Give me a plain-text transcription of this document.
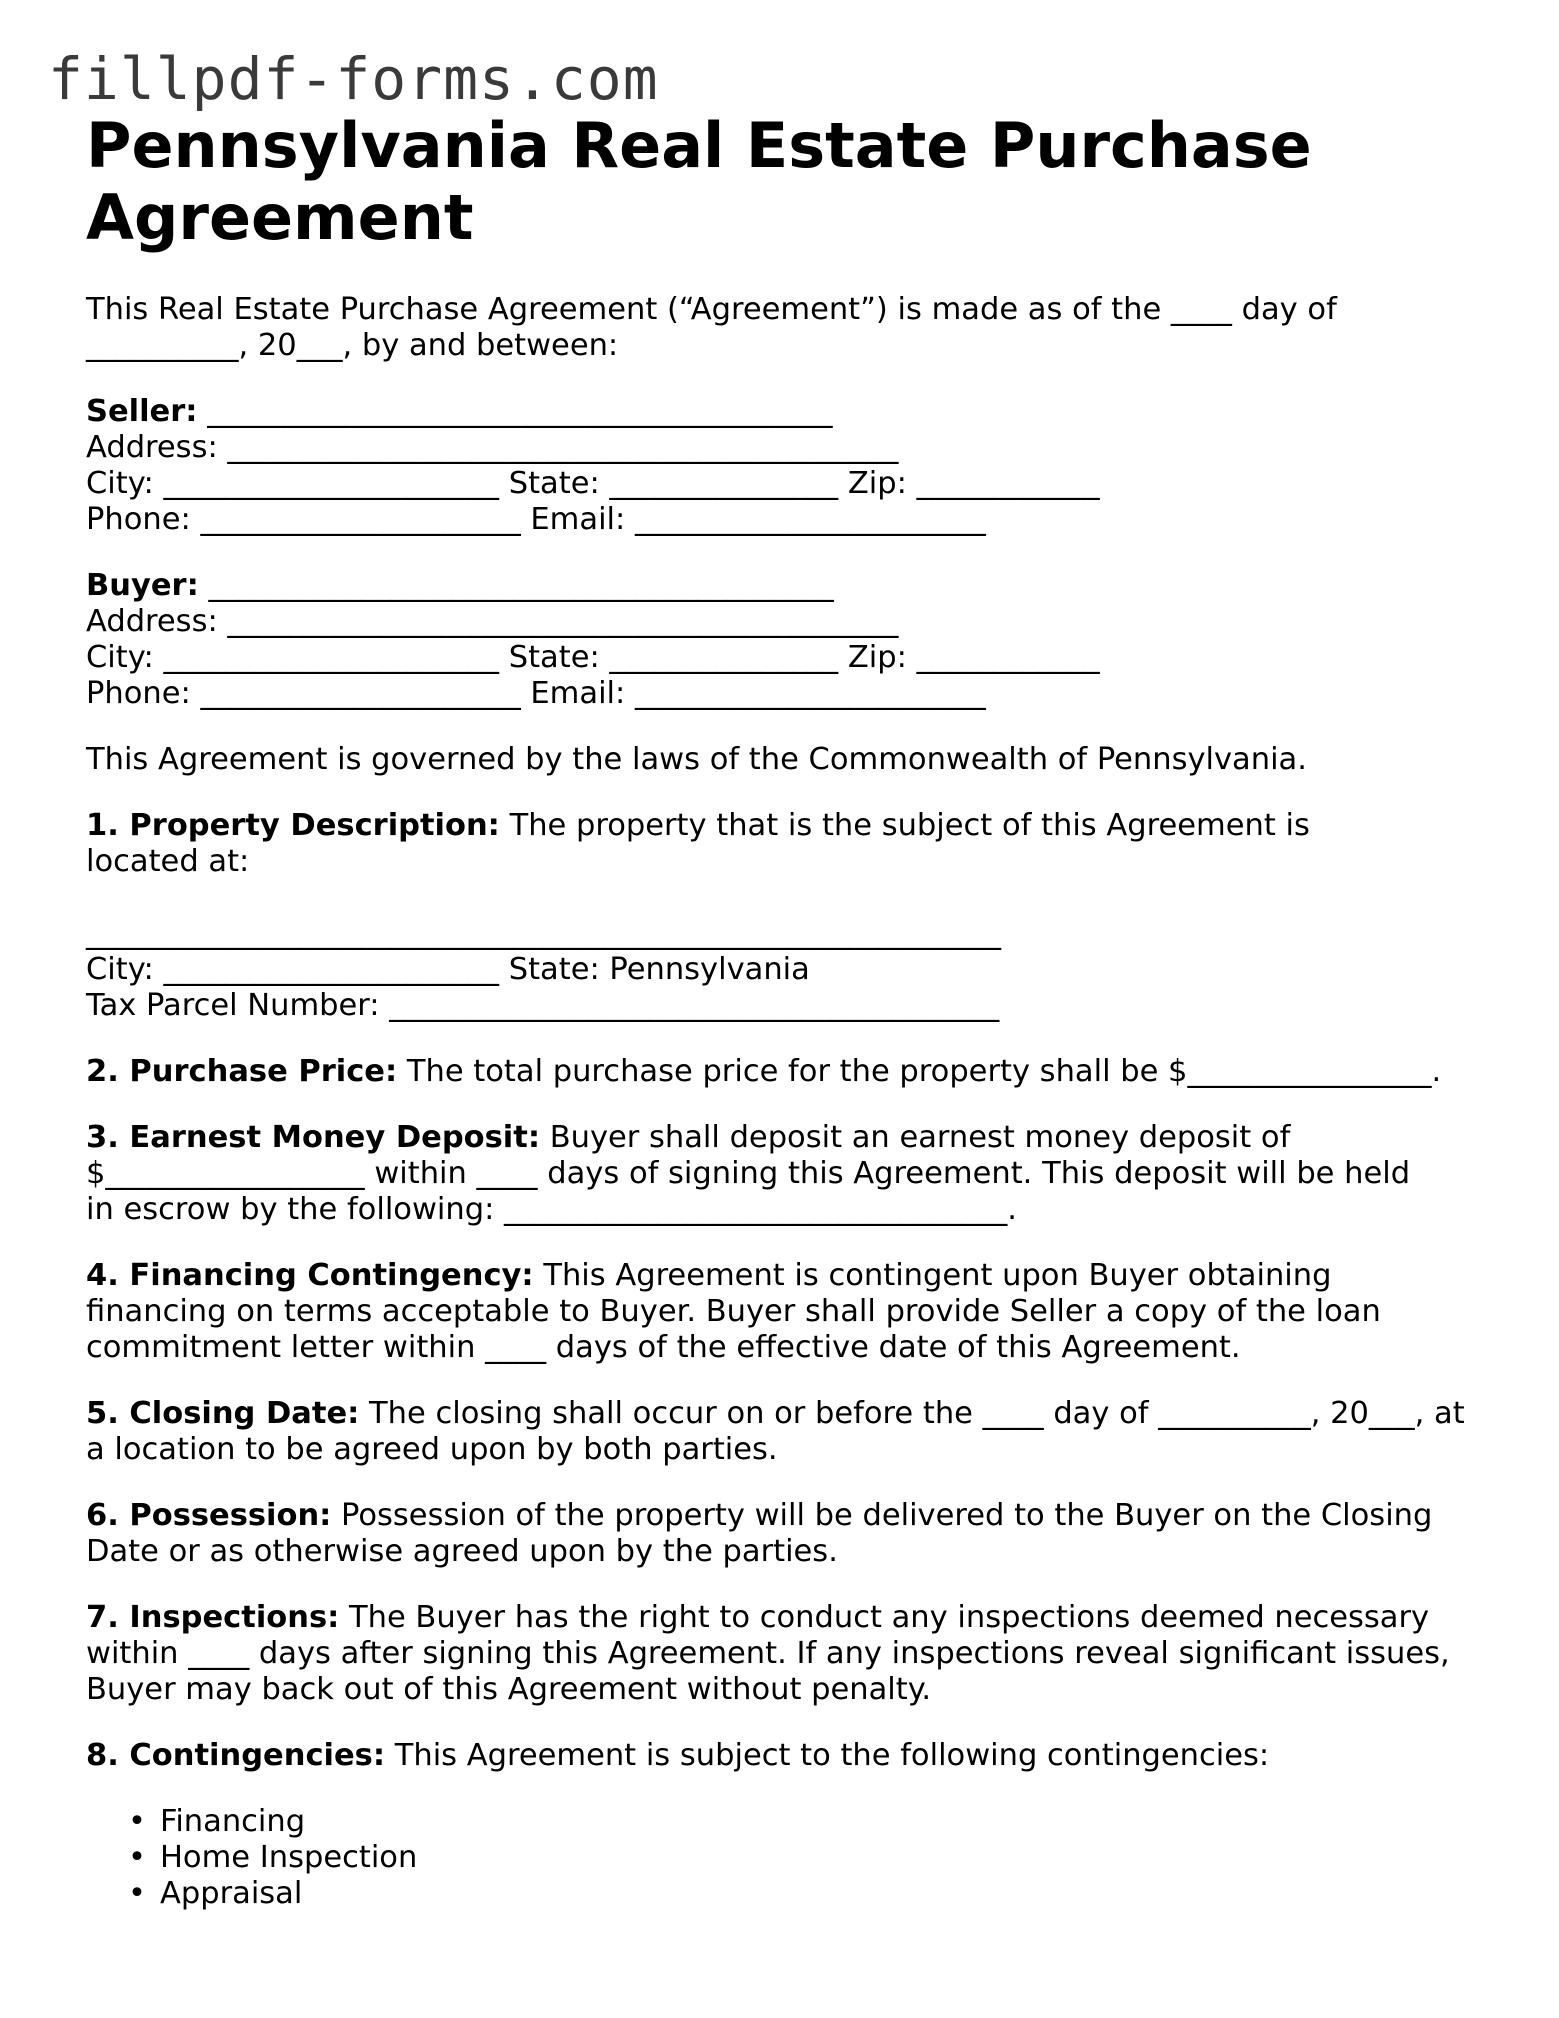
fillpdf-forms.com
Pennsylvania Real Estate Purchase Agreement

This Real Estate Purchase Agreement (“Agreement”) is made as of the ____ day of

__________, 20___, by and between:

Seller: _________________________________________

Address: ____________________________________________

City: ______________________ State: _______________ Zip: ____________

Phone: _____________________ Email: _______________________

Buyer: _________________________________________

Address: ____________________________________________

City: ______________________ State: _______________ Zip: ____________

Phone: _____________________ Email: _______________________

This Agreement is governed by the laws of the Commonwealth of Pennsylvania.

1. Property Description: The property that is the subject of this Agreement is located at:

____________________________________________________________

City: ______________________ State: Pennsylvania

Tax Parcel Number: ________________________________________

2. Purchase Price: The total purchase price for the property shall be $________________.

3. Earnest Money Deposit: Buyer shall deposit an earnest money deposit of $_________________ within ____ days of signing this Agreement. This deposit will be held in escrow by the following: _________________________________.

4. Financing Contingency: This Agreement is contingent upon Buyer obtaining financing on terms acceptable to Buyer. Buyer shall provide Seller a copy of the loan commitment letter within ____ days of the effective date of this Agreement.

5. Closing Date: The closing shall occur on or before the ____ day of __________, 20___, at a location to be agreed upon by both parties.

6. Possession: Possession of the property will be delivered to the Buyer on the Closing Date or as otherwise agreed upon by the parties.

7. Inspections: The Buyer has the right to conduct any inspections deemed necessary within ____ days after signing this Agreement. If any inspections reveal significant issues, Buyer may back out of this Agreement without penalty.

8. Contingencies: This Agreement is subject to the following contingencies:

• Financing
• Home Inspection
• Appraisal
